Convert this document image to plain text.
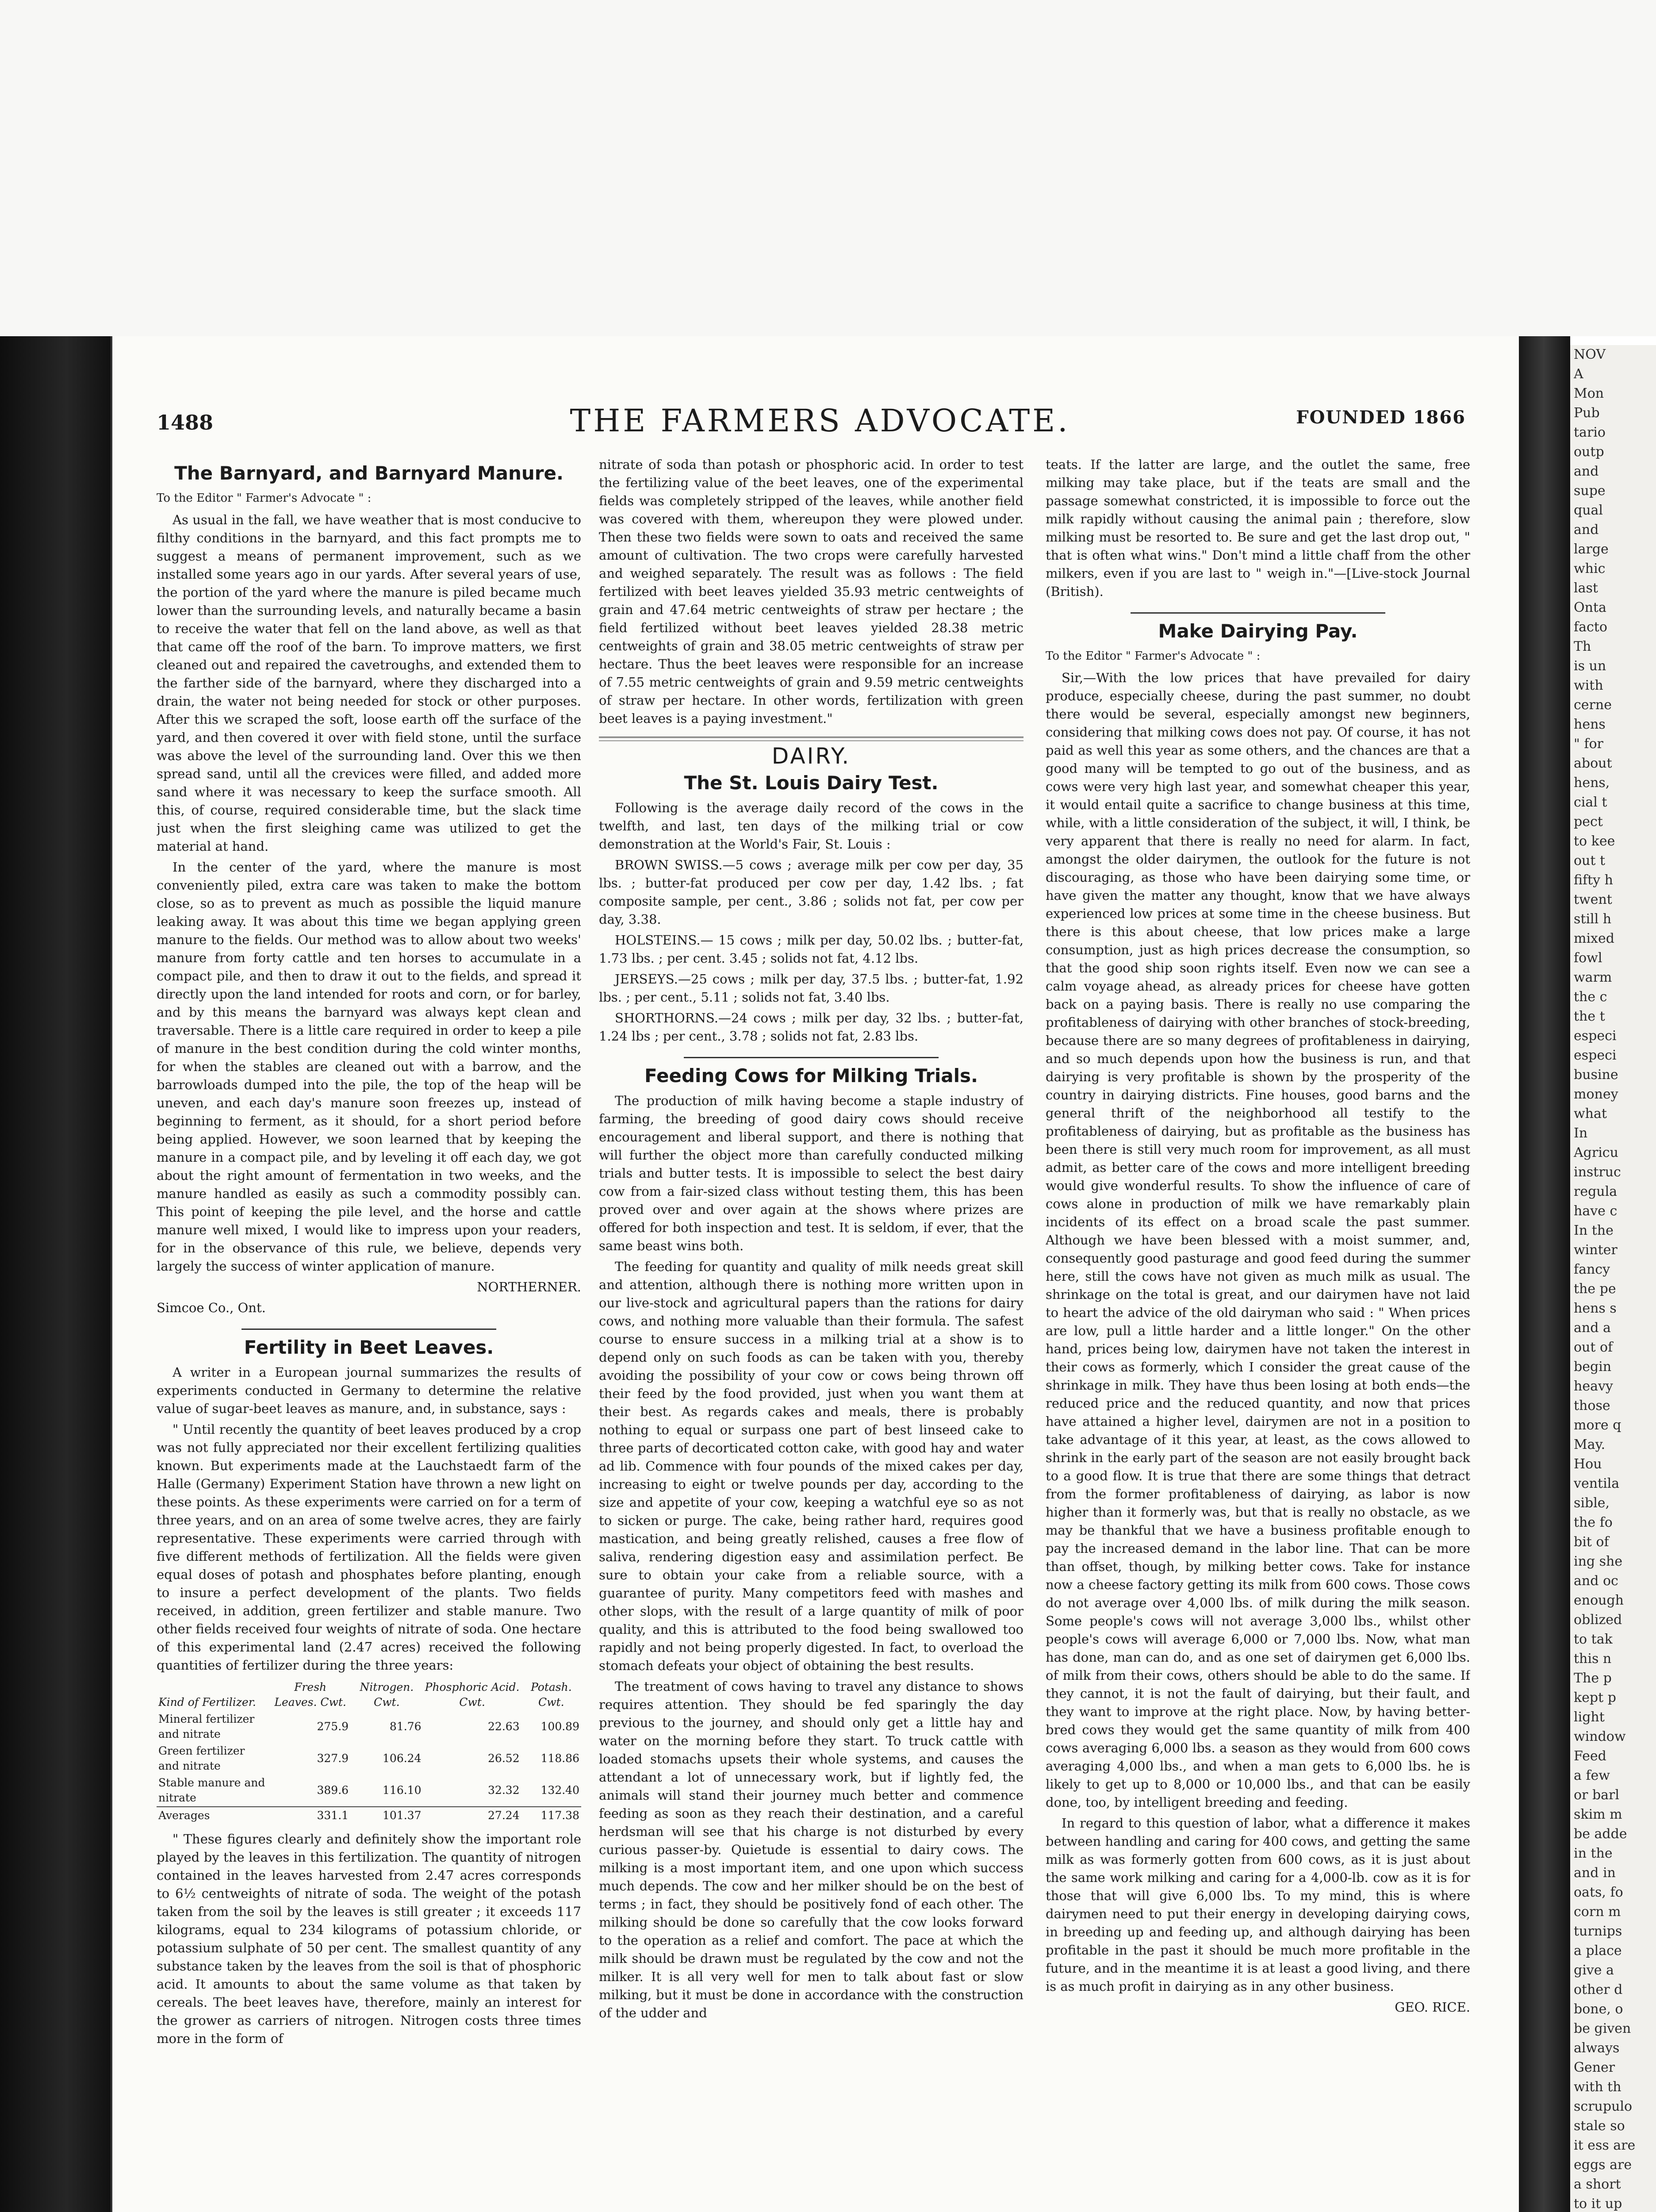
NOV
A
Mon
Pub
tario
outp
and
supe
qual
and
large
whic
last
Onta
facto
Th
is un
with
cerne
hens
" for
about
hens,
cial t
pect
to kee
out t
fifty h
twent
still h
mixed
fowl
warm
the c
the t
especi
especi
busine
money
what
In
Agricu
instruc
regula
have c
In the
winter
fancy
the pe
hens s
and a
out of
begin
heavy
those
more q
May.
Hou
ventila
sible,
the fo
bit of
ing she
and oc
enough
oblized
to tak
this n
The p
kept p
light
window
Feed
a few
or barl
skim m
be adde
in the
and in
oats, fo
corn m
turnips
a place
give a
other d
bone, o
be given
always
Gener
with th
scrupulo
stale so
it ess are
eggs are
a short
to it up
1488	THE FARMERS ADVOCATE.	FOUNDED 1866
The Barnyard, and Barnyard Manure.
To the Editor " Farmer's Advocate " :

As usual in the fall, we have weather that is most conducive to filthy conditions in the barnyard, and this fact prompts me to suggest a means of permanent improvement, such as we installed some years ago in our yards. After several years of use, the portion of the yard where the manure is piled became much lower than the surrounding levels, and naturally became a basin to receive the water that fell on the land above, as well as that that came off the roof of the barn. To improve matters, we first cleaned out and repaired the cavetroughs, and extended them to the farther side of the barnyard, where they discharged into a drain, the water not being needed for stock or other purposes. After this we scraped the soft, loose earth off the surface of the yard, and then covered it over with field stone, until the surface was above the level of the surrounding land. Over this we then spread sand, until all the crevices were filled, and added more sand where it was necessary to keep the surface smooth. All this, of course, required considerable time, but the slack time just when the first sleighing came was utilized to get the material at hand.

In the center of the yard, where the manure is most conveniently piled, extra care was taken to make the bottom close, so as to prevent as much as possible the liquid manure leaking away. It was about this time we began applying green manure to the fields. Our method was to allow about two weeks' manure from forty cattle and ten horses to accumulate in a compact pile, and then to draw it out to the fields, and spread it directly upon the land intended for roots and corn, or for barley, and by this means the barnyard was always kept clean and traversable. There is a little care required in order to keep a pile of manure in the best condition during the cold winter months, for when the stables are cleaned out with a barrow, and the barrowloads dumped into the pile, the top of the heap will be uneven, and each day's manure soon freezes up, instead of beginning to ferment, as it should, for a short period before being applied. However, we soon learned that by keeping the manure in a compact pile, and by leveling it off each day, we got about the right amount of fermentation in two weeks, and the manure handled as easily as such a commodity possibly can. This point of keeping the pile level, and the horse and cattle manure well mixed, I would like to impress upon your readers, for in the observance of this rule, we believe, depends very largely the success of winter application of manure.

NORTHERNER.

Simcoe Co., Ont.

Fertility in Beet Leaves.

A writer in a European journal summarizes the results of experiments conducted in Germany to determine the relative value of sugar-beet leaves as manure, and, in substance, says :

" Until recently the quantity of beet leaves produced by a crop was not fully appreciated nor their excellent fertilizing qualities known. But experiments made at the Lauchstaedt farm of the Halle (Germany) Experiment Station have thrown a new light on these points. As these experiments were carried on for a term of three years, and on an area of some twelve acres, they are fairly representative. These experiments were carried through with five different methods of fertilization. All the fields were given equal doses of potash and phosphates before planting, enough to insure a perfect development of the plants. Two fields received, in addition, green fertilizer and stable manure. Two other fields received four weights of nitrate of soda. One hectare of this experimental land (2.47 acres) received the following quantities of fertilizer during the three years:

Kind of Fertilizer.	Fresh Leaves. Cwt.	Nitrogen. Cwt.	Phosphoric Acid. Cwt.	Potash. Cwt.
Mineral fertilizer and nitrate	275.9	81.76	22.63	100.89
Green fertilizer and nitrate	327.9	106.24	26.52	118.86
Stable manure and nitrate	389.6	116.10	32.32	132.40
Averages	331.1	101.37	27.24	117.38

" These figures clearly and definitely show the important role played by the leaves in this fertilization. The quantity of nitrogen contained in the leaves harvested from 2.47 acres corresponds to 6½ centweights of nitrate of soda. The weight of the potash taken from the soil by the leaves is still greater ; it exceeds 117 kilograms, equal to 234 kilograms of potassium chloride, or potassium sulphate of 50 per cent. The smallest quantity of any substance taken by the leaves from the soil is that of phosphoric acid. It amounts to about the same volume as that taken by cereals. The beet leaves have, therefore, mainly an interest for the grower as carriers of nitrogen. Nitrogen costs three times more in the form of

nitrate of soda than potash or phosphoric acid. In order to test the fertilizing value of the beet leaves, one of the experimental fields was completely stripped of the leaves, while another field was covered with them, whereupon they were plowed under. Then these two fields were sown to oats and received the same amount of cultivation. The two crops were carefully harvested and weighed separately. The result was as follows : The field fertilized with beet leaves yielded 35.93 metric centweights of grain and 47.64 metric centweights of straw per hectare ; the field fertilized without beet leaves yielded 28.38 metric centweights of grain and 38.05 metric centweights of straw per hectare. Thus the beet leaves were responsible for an increase of 7.55 metric centweights of grain and 9.59 metric centweights of straw per hectare. In other words, fertilization with green beet leaves is a paying investment."

DAIRY.
The St. Louis Dairy Test.

Following is the average daily record of the cows in the twelfth, and last, ten days of the milking trial or cow demonstration at the World's Fair, St. Louis :

BROWN SWISS.—5 cows ; average milk per cow per day, 35 lbs. ; butter-fat produced per cow per day, 1.42 lbs. ; fat composite sample, per cent., 3.86 ; solids not fat, per cow per day, 3.38.

HOLSTEINS.— 15 cows ; milk per day, 50.02 lbs. ; butter-fat, 1.73 lbs. ; per cent. 3.45 ; solids not fat, 4.12 lbs.

JERSEYS.—25 cows ; milk per day, 37.5 lbs. ; butter-fat, 1.92 lbs. ; per cent., 5.11 ; solids not fat, 3.40 lbs.

SHORTHORNS.—24 cows ; milk per day, 32 lbs. ; butter-fat, 1.24 lbs ; per cent., 3.78 ; solids not fat, 2.83 lbs.

Feeding Cows for Milking Trials.

The production of milk having become a staple industry of farming, the breeding of good dairy cows should receive encouragement and liberal support, and there is nothing that will further the object more than carefully conducted milking trials and butter tests. It is impossible to select the best dairy cow from a fair-sized class without testing them, this has been proved over and over again at the shows where prizes are offered for both inspection and test. It is seldom, if ever, that the same beast wins both.

The feeding for quantity and quality of milk needs great skill and attention, although there is nothing more written upon in our live-stock and agricultural papers than the rations for dairy cows, and nothing more valuable than their formula. The safest course to ensure success in a milking trial at a show is to depend only on such foods as can be taken with you, thereby avoiding the possibility of your cow or cows being thrown off their feed by the food provided, just when you want them at their best. As regards cakes and meals, there is probably nothing to equal or surpass one part of best linseed cake to three parts of decorticated cotton cake, with good hay and water ad lib. Commence with four pounds of the mixed cakes per day, increasing to eight or twelve pounds per day, according to the size and appetite of your cow, keeping a watchful eye so as not to sicken or purge. The cake, being rather hard, requires good mastication, and being greatly relished, causes a free flow of saliva, rendering digestion easy and assimilation perfect. Be sure to obtain your cake from a reliable source, with a guarantee of purity. Many competitors feed with mashes and other slops, with the result of a large quantity of milk of poor quality, and this is attributed to the food being swallowed too rapidly and not being properly digested. In fact, to overload the stomach defeats your object of obtaining the best results.

The treatment of cows having to travel any distance to shows requires attention. They should be fed sparingly the day previous to the journey, and should only get a little hay and water on the morning before they start. To truck cattle with loaded stomachs upsets their whole systems, and causes the attendant a lot of unnecessary work, but if lightly fed, the animals will stand their journey much better and commence feeding as soon as they reach their destination, and a careful herdsman will see that his charge is not disturbed by every curious passer-by. Quietude is essential to dairy cows. The milking is a most important item, and one upon which success much depends. The cow and her milker should be on the best of terms ; in fact, they should be positively fond of each other. The milking should be done so carefully that the cow looks forward to the operation as a relief and comfort. The pace at which the milk should be drawn must be regulated by the cow and not the milker. It is all very well for men to talk about fast or slow milking, but it must be done in accordance with the construction of the udder and

teats. If the latter are large, and the outlet the same, free milking may take place, but if the teats are small and the passage somewhat constricted, it is impossible to force out the milk rapidly without causing the animal pain ; therefore, slow milking must be resorted to. Be sure and get the last drop out, " that is often what wins." Don't mind a little chaff from the other milkers, even if you are last to " weigh in."—[Live-stock Journal (British).

Make Dairying Pay.
To the Editor " Farmer's Advocate " :

Sir,—With the low prices that have prevailed for dairy produce, especially cheese, during the past summer, no doubt there would be several, especially amongst new beginners, considering that milking cows does not pay. Of course, it has not paid as well this year as some others, and the chances are that a good many will be tempted to go out of the business, and as cows were very high last year, and somewhat cheaper this year, it would entail quite a sacrifice to change business at this time, while, with a little consideration of the subject, it will, I think, be very apparent that there is really no need for alarm. In fact, amongst the older dairymen, the outlook for the future is not discouraging, as those who have been dairying some time, or have given the matter any thought, know that we have always experienced low prices at some time in the cheese business. But there is this about cheese, that low prices make a large consumption, just as high prices decrease the consumption, so that the good ship soon rights itself. Even now we can see a calm voyage ahead, as already prices for cheese have gotten back on a paying basis. There is really no use comparing the profitableness of dairying with other branches of stock-breeding, because there are so many degrees of profitableness in dairying, and so much depends upon how the business is run, and that dairying is very profitable is shown by the prosperity of the country in dairying districts. Fine houses, good barns and the general thrift of the neighborhood all testify to the profitableness of dairying, but as profitable as the business has been there is still very much room for improvement, as all must admit, as better care of the cows and more intelligent breeding would give wonderful results. To show the influence of care of cows alone in production of milk we have remarkably plain incidents of its effect on a broad scale the past summer. Although we have been blessed with a moist summer, and, consequently good pasturage and good feed during the summer here, still the cows have not given as much milk as usual. The shrinkage on the total is great, and our dairymen have not laid to heart the advice of the old dairyman who said : " When prices are low, pull a little harder and a little longer." On the other hand, prices being low, dairymen have not taken the interest in their cows as formerly, which I consider the great cause of the shrinkage in milk. They have thus been losing at both ends—the reduced price and the reduced quantity, and now that prices have attained a higher level, dairymen are not in a position to take advantage of it this year, at least, as the cows allowed to shrink in the early part of the season are not easily brought back to a good flow. It is true that there are some things that detract from the former profitableness of dairying, as labor is now higher than it formerly was, but that is really no obstacle, as we may be thankful that we have a business profitable enough to pay the increased demand in the labor line. That can be more than offset, though, by milking better cows. Take for instance now a cheese factory getting its milk from 600 cows. Those cows do not average over 4,000 lbs. of milk during the milk season. Some people's cows will not average 3,000 lbs., whilst other people's cows will average 6,000 or 7,000 lbs. Now, what man has done, man can do, and as one set of dairymen get 6,000 lbs. of milk from their cows, others should be able to do the same. If they cannot, it is not the fault of dairying, but their fault, and they want to improve at the right place. Now, by having better-bred cows they would get the same quantity of milk from 400 cows averaging 6,000 lbs. a season as they would from 600 cows averaging 4,000 lbs., and when a man gets to 6,000 lbs. he is likely to get up to 8,000 or 10,000 lbs., and that can be easily done, too, by intelligent breeding and feeding.

In regard to this question of labor, what a difference it makes between handling and caring for 400 cows, and getting the same milk as was formerly gotten from 600 cows, as it is just about the same work milking and caring for a 4,000-lb. cow as it is for those that will give 6,000 lbs. To my mind, this is where dairymen need to put their energy in developing dairying cows, in breeding up and feeding up, and although dairying has been profitable in the past it should be much more profitable in the future, and in the meantime it is at least a good living, and there is as much profit in dairying as in any other business.

GEO. RICE.
